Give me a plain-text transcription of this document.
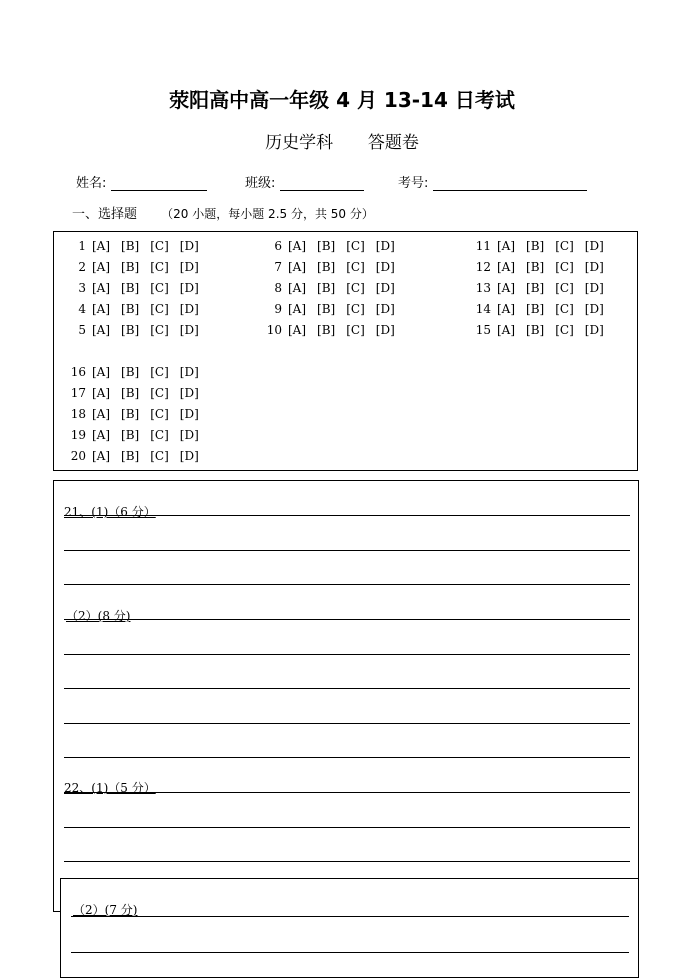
荥阳高中高一年级 4 月 13-14 日考试
历史学科 答题卷
姓名:	班级:	考号:
一、选择题 （20 小题，每小题 2.5 分，共 50 分）
1 [A] [B] [C] [D]
2 [A] [B] [C] [D]
3 [A] [B] [C] [D]
4 [A] [B] [C] [D]
5 [A] [B] [C] [D]
6 [A] [B] [C] [D]
7 [A] [B] [C] [D]
8 [A] [B] [C] [D]
9 [A] [B] [C] [D]
10 [A] [B] [C] [D]
11 [A] [B] [C] [D]
12 [A] [B] [C] [D]
13 [A] [B] [C] [D]
14 [A] [B] [C] [D]
15 [A] [B] [C] [D]
16 [A] [B] [C] [D]
17 [A] [B] [C] [D]
18 [A] [B] [C] [D]
19 [A] [B] [C] [D]
20 [A] [B] [C] [D]
21、(1)（6 分）
（2）(8 分)
22、(1)（5 分）
（2）(7 分)
